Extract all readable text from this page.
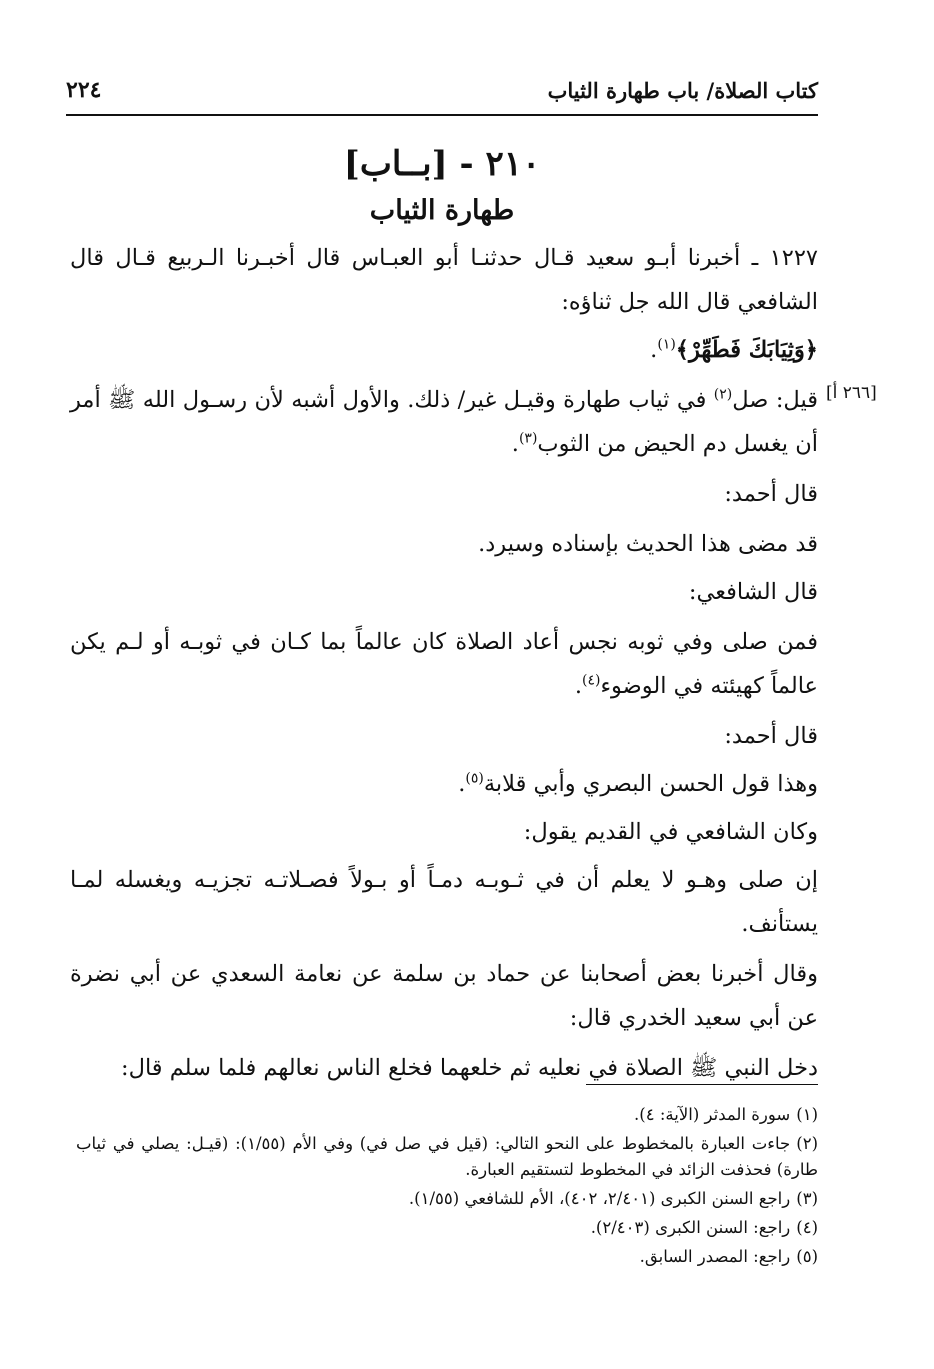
كتاب الصلاة/ باب طهارة الثياب
٢٢٤
٢١٠ - [بــاب]
طهارة الثياب
[٢٦٦ أ]

١٢٢٧ ـ أخبرنا أبـو سعيد قـال حدثنـا أبو العبـاس قال أخبـرنا الـربيع قـال قال الشافعي قال الله جل ثناؤه:

﴿وَثِيَابَكَ فَطَهِّرْ﴾$^{(١)}$.

قيل: صل$^{(٢)}$ في ثياب طهارة وقيـل غير/ ذلك. والأول أشبه لأن رسـول الله ﷺ أمر أن يغسل دم الحيض من الثوب$^{(٣)}$.

قال أحمد:

قد مضى هذا الحديث بإسناده وسيرد.

قال الشافعي:

فمن صلى وفي ثوبه نجس أعاد الصلاة كان عالماً بما كـان في ثوبـه أو لـم يكن عالماً كهيئته في الوضوء$^{(٤)}$.

قال أحمد:

وهذا قول الحسن البصري وأبي قلابة$^{(٥)}$.

وكان الشافعي في القديم يقول:

إن صلى وهـو لا يعلم أن في ثـوبـه دمـاً أو بـولاً فصـلاتـه تجزيـه ويغسله لمـا يستأنف.

وقال أخبرنا بعض أصحابنا عن حماد بن سلمة عن نعامة السعدي عن أبي نضرة عن أبي سعيد الخدري قال:

دخل النبي ﷺ الصلاة في نعليه ثم خلعهما فخلع الناس نعالهم فلما سلم قال:

(١)سورة المدثر (الآية: ٤).

(٢)جاءت العبارة بالمخطوط على النحو التالي: (قيل في صل في) وفي الأم (١/٥٥): (قيـل: يصلي في ثياب طارة) فحذفت الزائد في المخطوط لتستقيم العبارة.

(٣)راجع السنن الكبرى (٢/٤٠١، ٤٠٢)، الأم للشافعي (١/٥٥).

(٤)راجع: السنن الكبرى (٢/٤٠٣).

(٥)راجع: المصدر السابق.
